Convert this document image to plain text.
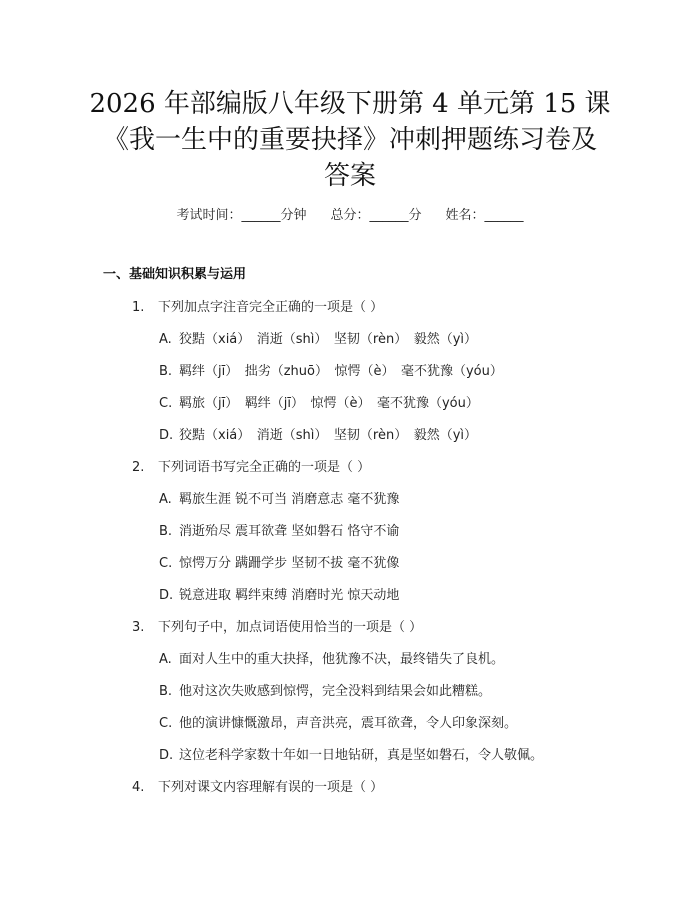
2026 年部编版八年级下册第 4 单元第 15 课
《我一生中的重要抉择》冲刺押题练习卷及
答案
考试时间：______分钟 总分：______分 姓名：______
一、基础知识积累与运用
1. 下列加点字注音完全正确的一项是（ ）
A. 狡黠（xiá）　消逝（shì）　坚韧（rèn）　毅然（yì）
B. 羁绊（jī）　拙劣（zhuō）　惊愕（è）　毫不犹豫（yóu）
C. 羁旅（jī）　羁绊（jī）　惊愕（è）　毫不犹豫（yóu）
D. 狡黠（xiá）　消逝（shì）　坚韧（rèn）　毅然（yì）
2. 下列词语书写完全正确的一项是（ ）
A. 羁旅生涯 锐不可当 消磨意志 毫不犹豫
B. 消逝殆尽 震耳欲聋 坚如磐石 恪守不谕
C. 惊愕万分 蹒跚学步 坚韧不拔 毫不犹像
D. 锐意进取 羁绊束缚 消磨时光 惊天动地
3. 下列句子中，加点词语使用恰当的一项是（ ）
A. 面对人生中的重大抉择，他犹豫不决，最终错失了良机。
B. 他对这次失败感到惊愕，完全没料到结果会如此糟糕。
C. 他的演讲慷慨激昂，声音洪亮，震耳欲聋，令人印象深刻。
D. 这位老科学家数十年如一日地钻研，真是坚如磐石，令人敬佩。
4. 下列对课文内容理解有误的一项是（ ）
